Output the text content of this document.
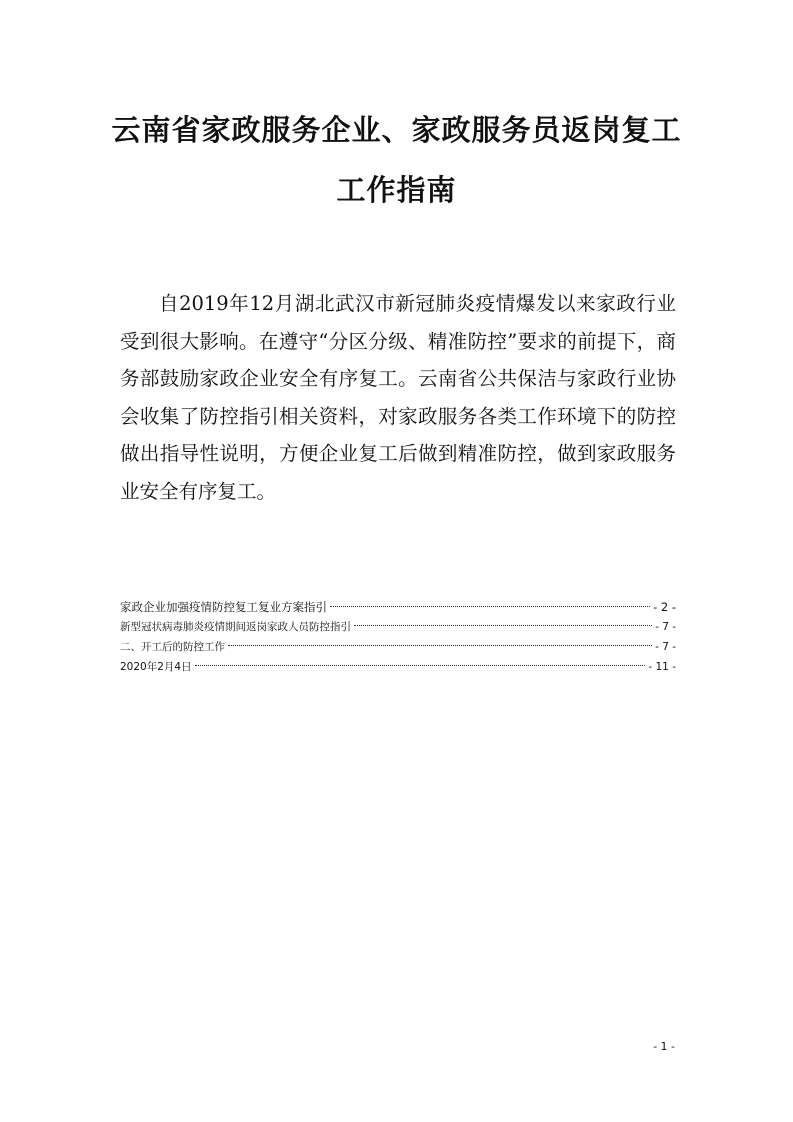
云南省家政服务企业、家政服务员返岗复工
工作指南

自2019年12月湖北武汉市新冠肺炎疫情爆发以来家政行业受到很大影响。在遵守“分区分级、精准防控”要求的前提下，商务部鼓励家政企业安全有序复工。云南省公共保洁与家政行业协会收集了防控指引相关资料，对家政服务各类工作环境下的防控做出指导性说明，方便企业复工后做到精准防控，做到家政服务业安全有序复工。

家政企业加强疫情防控复工复业方案指引	- 2 -
新型冠状病毒肺炎疫情期间返岗家政人员防控指引	- 7 -
二、开工后的防控工作	- 7 -
2020年2月4日	- 11 -
- 1 -
